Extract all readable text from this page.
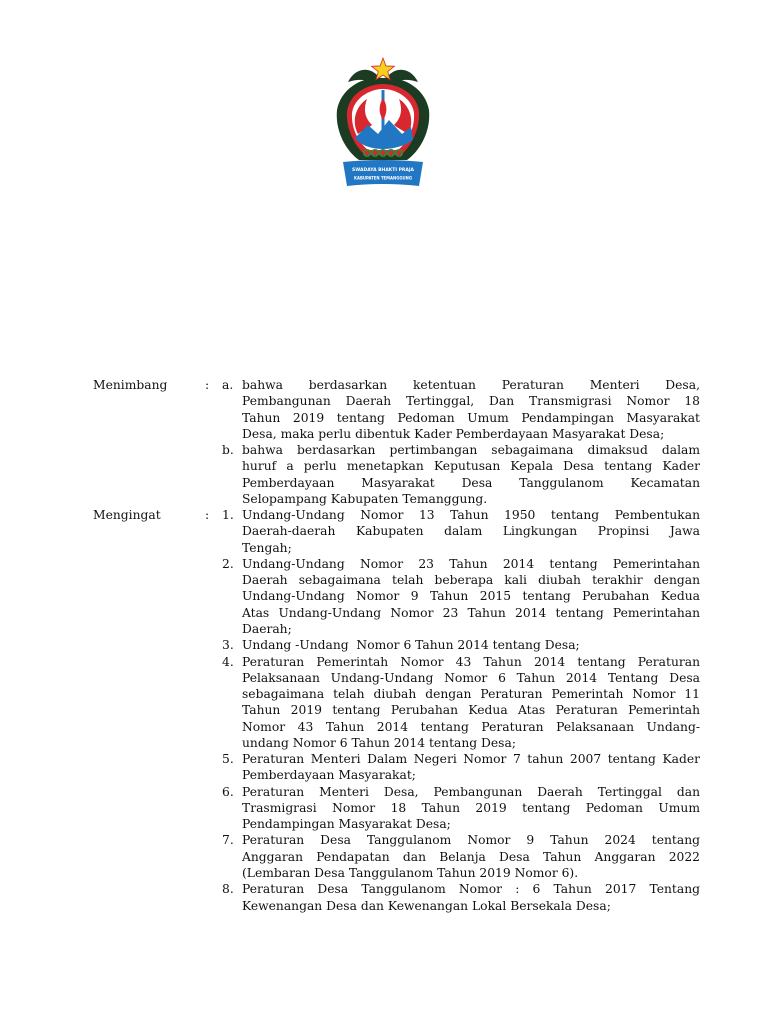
SWADAYA BHAKTI PRAJA
KABUPATEN TEMANGGUNG
Menimbang	:	a. bahwa berdasarkan ketentuan Peraturan Menteri Desa,
Pembangunan Daerah Tertinggal, Dan Transmigrasi Nomor 18
Tahun 2019 tentang Pedoman Umum Pendampingan Masyarakat
Desa, maka perlu dibentuk Kader Pemberdayaan Masyarakat Desa;
b. bahwa berdasarkan pertimbangan sebagaimana dimaksud dalam
huruf a perlu menetapkan Keputusan Kepala Desa tentang Kader
Pemberdayaan Masyarakat Desa Tanggulanom Kecamatan
Selopampang Kabupaten Temanggung.
Mengingat	:	1. Undang-Undang Nomor 13 Tahun 1950 tentang Pembentukan
Daerah-daerah Kabupaten dalam Lingkungan Propinsi Jawa
Tengah;
2. Undang-Undang Nomor 23 Tahun 2014 tentang Pemerintahan
Daerah sebagaimana telah beberapa kali diubah terakhir dengan
Undang-Undang Nomor 9 Tahun 2015 tentang Perubahan Kedua
Atas Undang-Undang Nomor 23 Tahun 2014 tentang Pemerintahan
Daerah;
3. Undang -Undang  Nomor 6 Tahun 2014 tentang Desa;
4. Peraturan Pemerintah Nomor 43 Tahun 2014 tentang Peraturan
Pelaksanaan Undang-Undang Nomor 6 Tahun 2014 Tentang Desa
sebagaimana telah diubah dengan Peraturan Pemerintah Nomor 11
Tahun 2019 tentang Perubahan Kedua Atas Peraturan Pemerintah
Nomor 43 Tahun 2014 tentang Peraturan Pelaksanaan Undang-
undang Nomor 6 Tahun 2014 tentang Desa;
5. Peraturan Menteri Dalam Negeri Nomor 7 tahun 2007 tentang Kader
Pemberdayaan Masyarakat;
6. Peraturan Menteri Desa, Pembangunan Daerah Tertinggal dan
Trasmigrasi Nomor 18 Tahun 2019 tentang Pedoman Umum
Pendampingan Masyarakat Desa;
7. Peraturan Desa Tanggulanom Nomor 9 Tahun 2024 tentang
Anggaran Pendapatan dan Belanja Desa Tahun Anggaran 2022
(Lembaran Desa Tanggulanom Tahun 2019 Nomor 6).
8. Peraturan Desa Tanggulanom Nomor : 6 Tahun 2017 Tentang
Kewenangan Desa dan Kewenangan Lokal Bersekala Desa;
